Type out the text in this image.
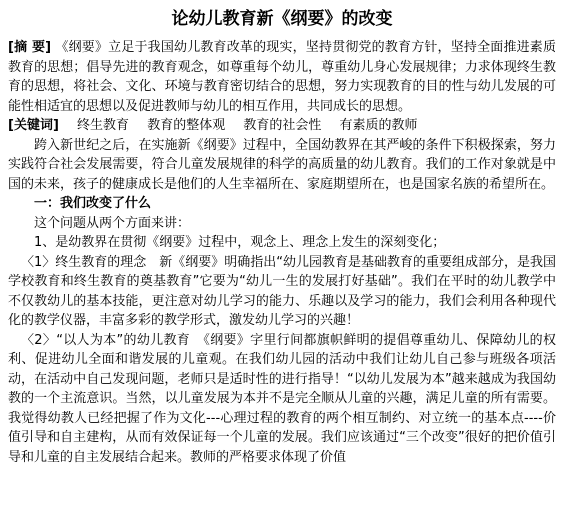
论幼儿教育新《纲要》的改变

[摘 要] 《纲要》立足于我国幼儿教育改革的现实，坚持贯彻党的教育方针，坚持全面推进素质教育的思想；倡导先进的教育观念，如尊重每个幼儿，尊重幼儿身心发展规律；力求体现终生教育的思想，将社会、文化、环境与教育密切结合的思想，努力实现教育的目的性与幼儿发展的可能性相适宜的思想以及促进教师与幼儿的相互作用，共同成长的思想。

[关键词] 终生教育 教育的整体观 教育的社会性 有素质的教师

跨入新世纪之后，在实施新《纲要》过程中，全国幼教界在其严峻的条件下积极探索，努力实践符合社会发展需要，符合儿童发展规律的科学的高质量的幼儿教育。我们的工作对象就是中国的未来，孩子的健康成长是他们的人生幸福所在、家庭期望所在，也是国家名族的希望所在。

一：我们改变了什么

这个问题从两个方面来讲：

1、是幼教界在贯彻《纲要》过程中，观念上、理念上发生的深刻变化；

〈1〉终生教育的理念　新《纲要》明确指出“幼儿园教育是基础教育的重要组成部分，是我国学校教育和终生教育的奠基教育”它要为“幼儿一生的发展打好基础”。我们在平时的幼儿教学中不仅教幼儿的基本技能，更注意对幼儿学习的能力、乐趣以及学习的能力，我们会利用各种现代化的教学仪器，丰富多彩的教学形式，激发幼儿学习的兴趣！

〈2〉“以人为本”的幼儿教育　《纲要》字里行间都旗帜鲜明的提倡尊重幼儿、保障幼儿的权利、促进幼儿全面和谐发展的儿童观。在我们幼儿园的活动中我们让幼儿自己参与班级各项活动，在活动中自己发现问题，老师只是适时性的进行指导！“以幼儿发展为本”越来越成为我国幼教的一个主流意识。当然，以儿童发展为本并不是完全顺从儿童的兴趣，满足儿童的所有需要。我觉得幼教人已经把握了作为文化---心理过程的教育的两个相互制约、对立统一的基本点----价值引导和自主建构，从而有效保证每一个儿童的发展。我们应该通过“三个改变”很好的把价值引导和儿童的自主发展结合起来。教师的严格要求体现了价值
